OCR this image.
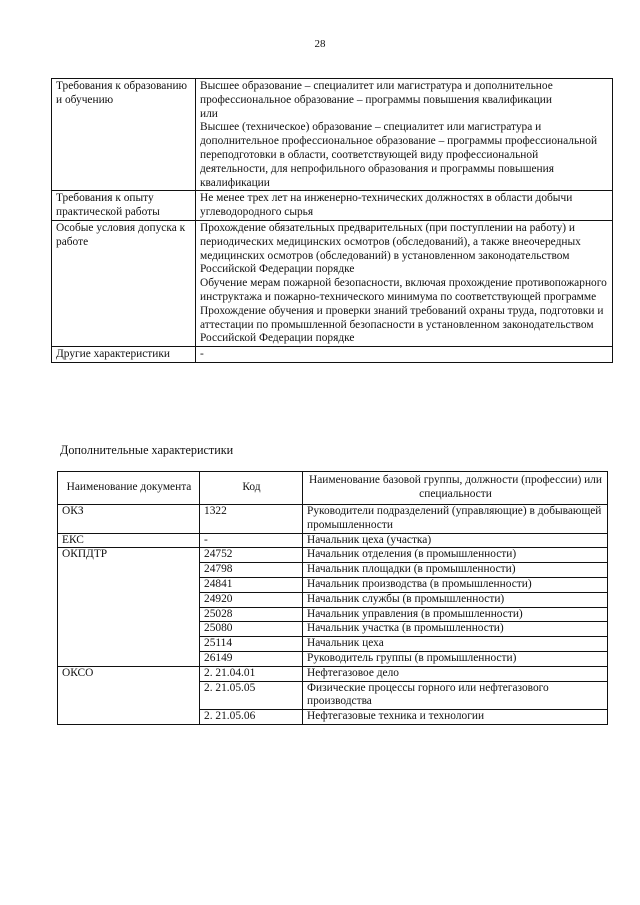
28
Требования к образованию и обучению	Высшее образование – специалитет или магистратура и дополнительное профессиональное образование – программы повышения квалификации
или
Высшее (техническое) образование – специалитет или магистратура и дополнительное профессиональное образование – программы профессиональной переподготовки в области, соответствующей виду профессиональной деятельности, для непрофильного образования и программы повышения квалификации

Требования к опыту практической работы	Не менее трех лет на инженерно-технических должностях в области добычи углеводородного сырья

Особые условия допуска к работе	Прохождение обязательных предварительных (при поступлении на работу) и периодических медицинских осмотров (обследований), а также внеочередных медицинских осмотров (обследований) в установленном законодательством Российской Федерации порядке
Обучение мерам пожарной безопасности, включая прохождение противопожарного инструктажа и пожарно-технического минимума по соответствующей программе
Прохождение обучения и проверки знаний требований охраны труда, подготовки и аттестации по промышленной безопасности в установленном законодательством Российской Федерации порядке

Другие характеристики	-
Дополнительные характеристики
Наименование документа	Код	Наименование базовой группы, должности (профессии) или специальности
ОКЗ	1322	Руководители подразделений (управляющие) в добывающей промышленности
ЕКС	-	Начальник цеха (участка)
ОКПДТР	24752	Начальник отделения (в промышленности)
	24798	Начальник площадки (в промышленности)
	24841	Начальник производства (в промышленности)
	24920	Начальник службы (в промышленности)
	25028	Начальник управления (в промышленности)
	25080	Начальник участка (в промышленности)
	25114	Начальник цеха
	26149	Руководитель группы (в промышленности)
ОКСО	2. 21.04.01	Нефтегазовое дело
	2. 21.05.05	Физические процессы горного или нефтегазового производства
	2. 21.05.06	Нефтегазовые техника и технологии
